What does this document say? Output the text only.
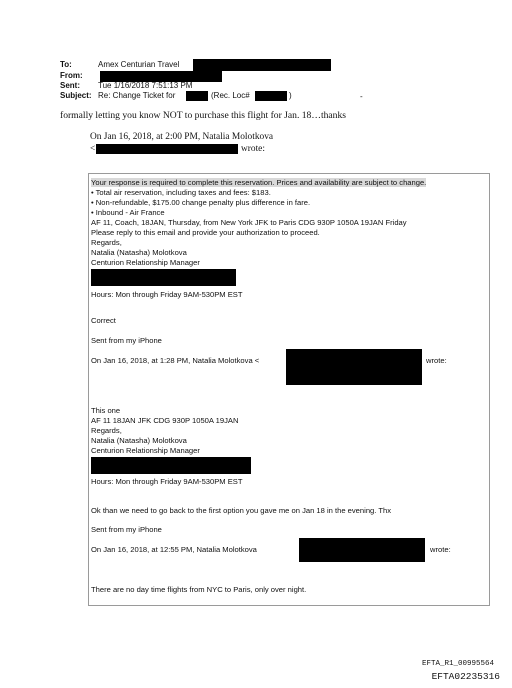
To:	Amex Centurian Travel
From:
Sent: Tue 1/16/2018 7:51:13 PM
Subject: Re: Change Ticket for	(Rec. Loc#	)	-
formally letting you know NOT to purchase this flight for Jan. 18…thanks
On Jan 16, 2018, at 2:00 PM, Natalia Molotkova
<	wrote:
Your response is required to complete this reservation. Prices and availability are subject to change.
• Total air reservation, including taxes and fees: $183.
• Non-refundable, $175.00 change penalty plus difference in fare.
• Inbound - Air France
AF 11, Coach, 18JAN, Thursday, from New York JFK to Paris CDG 930P 1050A 19JAN Friday
Please reply to this email and provide your authorization to proceed.
Regards,
Natalia (Natasha) Molotkova
Centurion Relationship Manager
Hours: Mon through Friday 9AM-530PM EST
Correct
Sent from my iPhone
On Jan 16, 2018, at 1:28 PM, Natalia Molotkova <	wrote:
This one
AF 11 18JAN JFK CDG 930P 1050A 19JAN
Regards,
Natalia (Natasha) Molotkova
Centurion Relationship Manager
Hours: Mon through Friday 9AM-530PM EST
Ok than we need to go back to the first option you gave me on Jan 18 in the evening. Thx
Sent from my iPhone
On Jan 16, 2018, at 12:55 PM, Natalia Molotkova	wrote:
There are no day time flights from NYC to Paris, only over night.
EFTA_R1_00995564
EFTA02235316
